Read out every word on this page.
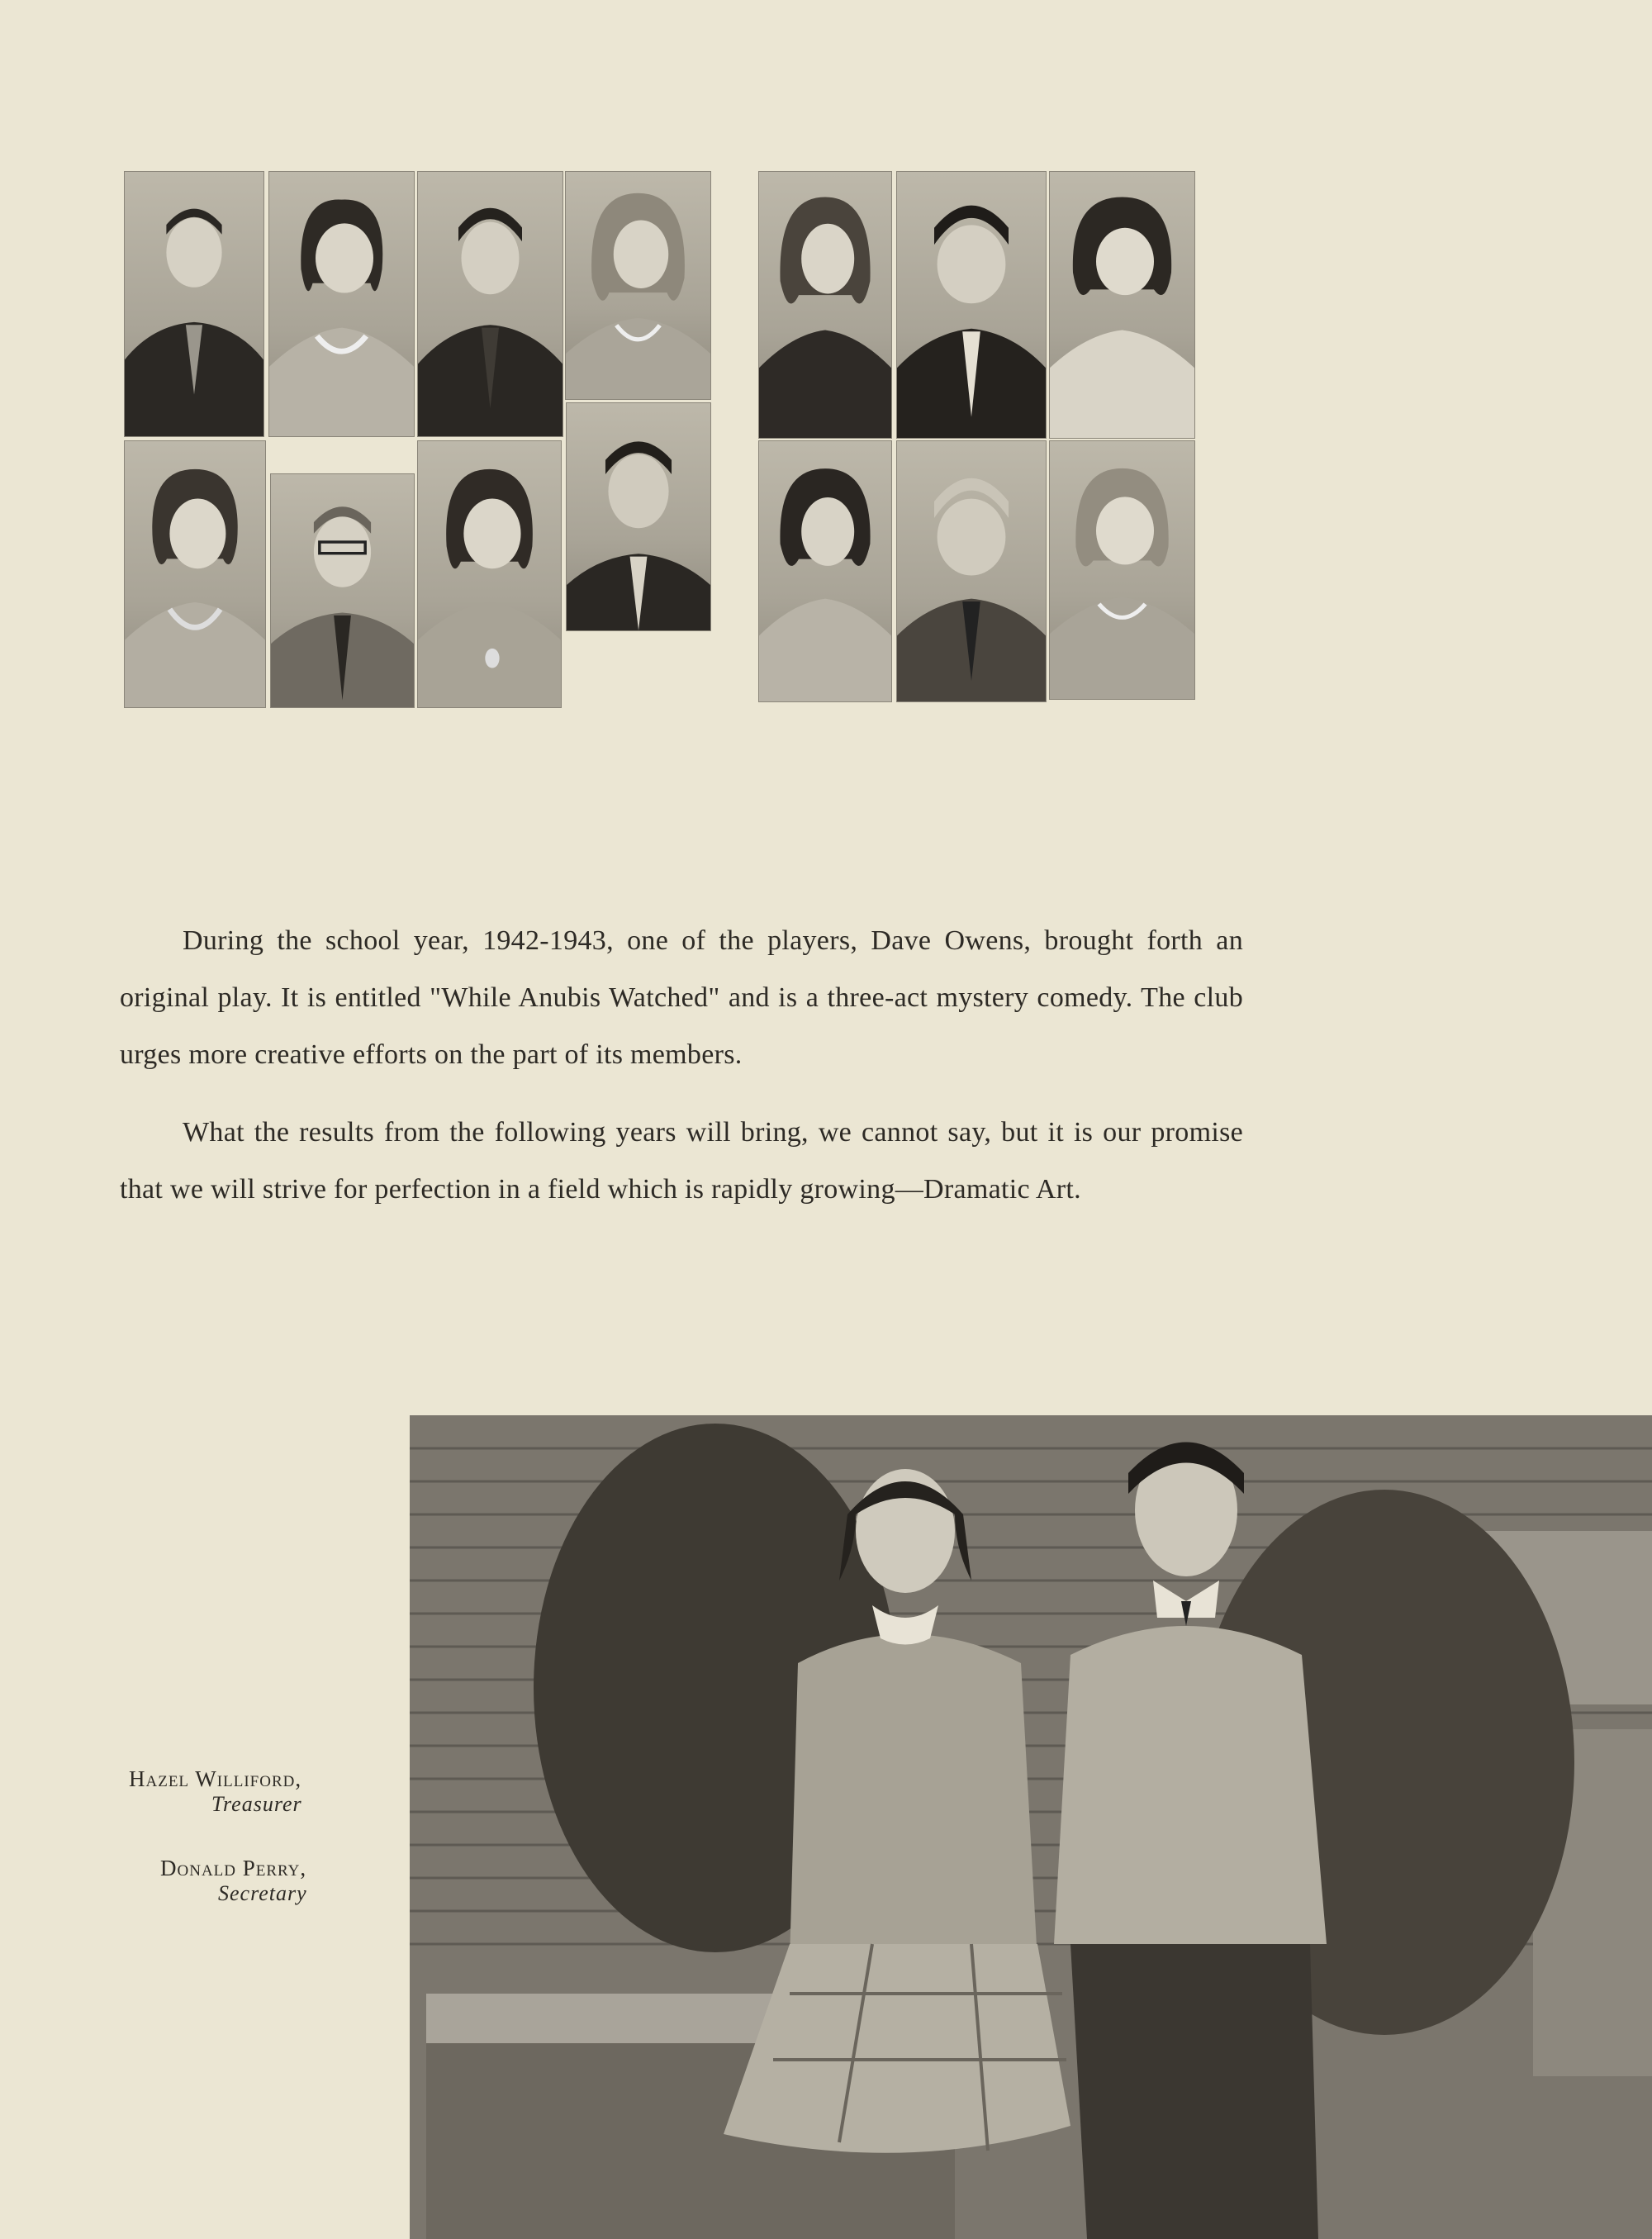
During the school year, 1942-1943, one of the players, Dave Owens, brought forth an original play. It is entitled "While Anubis Watched" and is a three-act mystery comedy. The club urges more creative efforts on the part of its members.

What the results from the following years will bring, we cannot say, but it is our promise that we will strive for perfection in a field which is rapidly growing—Dramatic Art.

Hazel Williford,
Treasurer
Donald Perry,
Secretary
